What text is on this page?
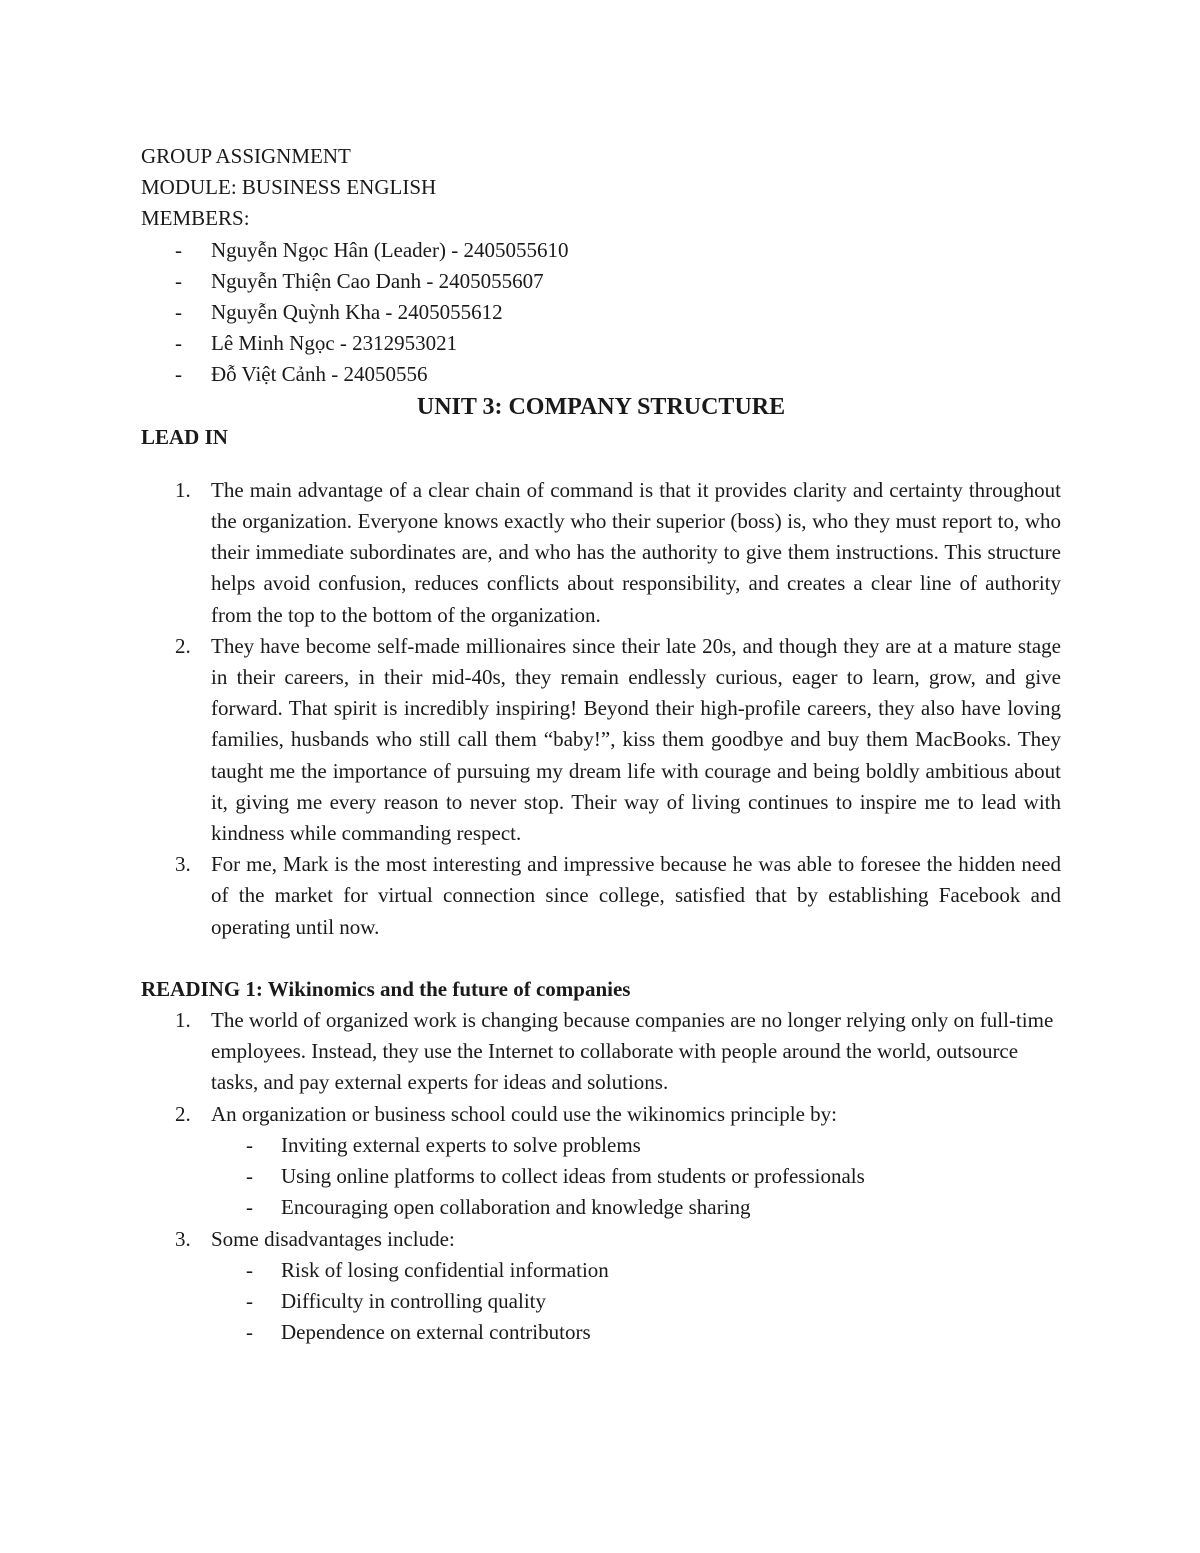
GROUP ASSIGNMENT

MODULE: BUSINESS ENGLISH

MEMBERS:

- Nguyễn Ngọc Hân (Leader) - 2405055610
- Nguyễn Thiện Cao Danh - 2405055607
- Nguyễn Quỳnh Kha - 2405055612
- Lê Minh Ngọc - 2312953021
- Đỗ Việt Cảnh - 24050556
UNIT 3: COMPANY STRUCTURE
LEAD IN
1. The main advantage of a clear chain of command is that it provides clarity and certainty throughout the organization. Everyone knows exactly who their superior (boss) is, who they must report to, who their immediate subordinates are, and who has the authority to give them instructions. This structure helps avoid confusion, reduces conflicts about responsibility, and creates a clear line of authority from the top to the bottom of the organization.
2. They have become self-made millionaires since their late 20s, and though they are at a mature stage in their careers, in their mid-40s, they remain endlessly curious, eager to learn, grow, and give forward. That spirit is incredibly inspiring! Beyond their high-profile careers, they also have loving families, husbands who still call them “baby!”, kiss them goodbye and buy them MacBooks. They taught me the importance of pursuing my dream life with courage and being boldly ambitious about it, giving me every reason to never stop. Their way of living continues to inspire me to lead with kindness while commanding respect.
3. For me, Mark is the most interesting and impressive because he was able to foresee the hidden need of the market for virtual connection since college, satisfied that by establishing Facebook and operating until now.
READING 1: Wikinomics and the future of companies
1. The world of organized work is changing because companies are no longer relying only on full-time employees. Instead, they use the Internet to collaborate with people around the world, outsource tasks, and pay external experts for ideas and solutions.
2. An organization or business school could use the wikinomics principle by:
- Inviting external experts to solve problems
- Using online platforms to collect ideas from students or professionals
- Encouraging open collaboration and knowledge sharing
3. Some disadvantages include:
- Risk of losing confidential information
- Difficulty in controlling quality
- Dependence on external contributors
